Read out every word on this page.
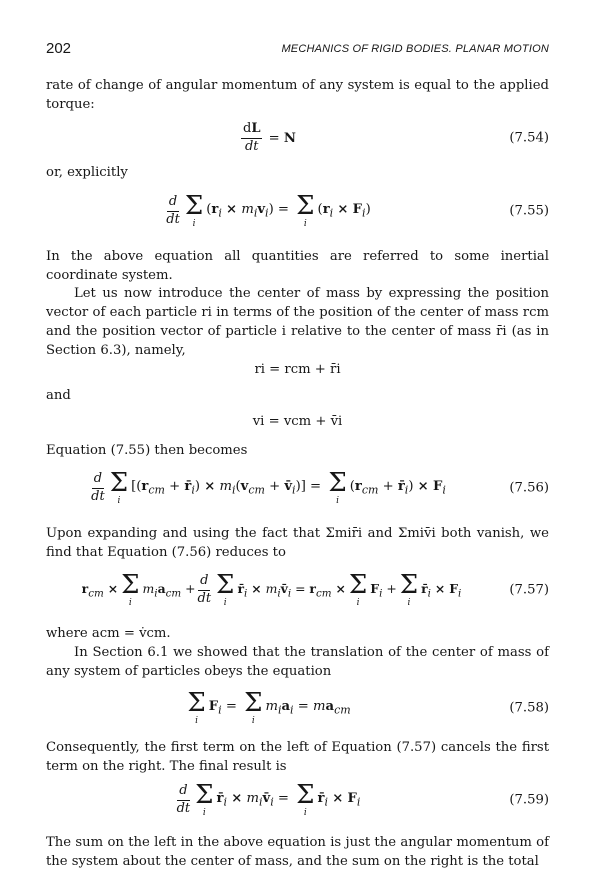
202	MECHANICS OF RIGID BODIES. PLANAR MOTION

rate of change of angular momentum of any system is equal to the applied torque:

$\frac{dL}{dt} = N$	(7.54)

or, explicitly

$\frac{d}{dt}$ Σ
i
$(r_i \times m_iv_i) = \Sigma$
i
$(r_i \times F_i)$	(7.55)

In the above equation all quantities are referred to some inertial coordinate system.

Let us now introduce the center of mass by expressing the position vector of each particle ri in terms of the position of the center of mass rcm and the position vector of particle i relative to the center of mass r̄i (as in Section 6.3), namely,

ri = rcm + r̄i

and

vi = vcm + v̄i

Equation (7.55) then becomes

$\frac{d}{dt}$ Σ
i
[($r_{cm}$ + $r̄_i) \times m_i(v_{cm}$ + $v̄_i)] = \Sigma$
i
($r_{cm}$ + $r̄_i) \times F_i$	(7.56)

Upon expanding and using the fact that Σmir̄i and Σmiv̄i both vanish, we find that Equation (7.56) reduces to

$r_{cm} \times \Sigma$
i
$m_ia_{cm} + \frac{d}{dt}$ Σ
i
$r̄_i$ × $m_iv̄_i = r_{cm} \times \Sigma$
i
$F_i + \Sigma$
i
$r̄_i \times F_i$	(7.57)

where acm = v̇cm.

In Section 6.1 we showed that the translation of the center of mass of any system of particles obeys the equation

Σ
i
$F_i = \Sigma$
i
$m_ia_i = ma_{cm}$	(7.58)

Consequently, the first term on the left of Equation (7.57) cancels the first term on the right. The final result is

$\frac{d}{dt}$ Σ
i
$r̄_i$ × $m_iv̄_i = \Sigma$
i
$r̄_i \times F_i$	(7.59)

The sum on the left in the above equation is just the angular momentum of the system about the center of mass, and the sum on the right is the total
